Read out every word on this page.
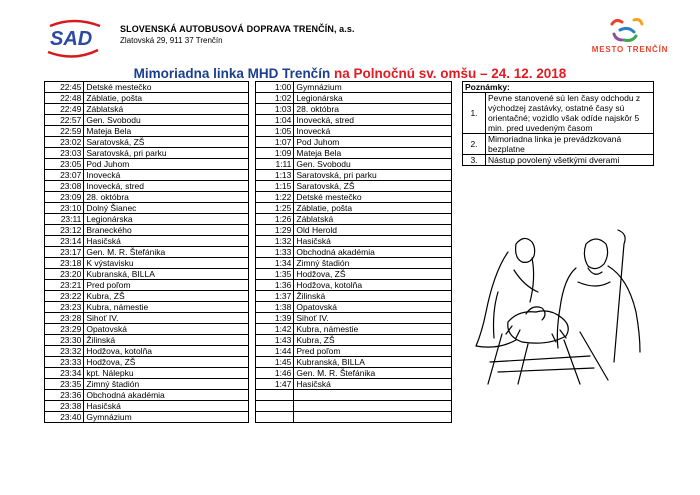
SAD	SLOVENSKÁ AUTOBUSOVÁ DOPRAVA TRENČÍN, a.s.
Zlatovská 29, 911 37 Trenčín
MESTO TRENČÍN
Mimoriadna linka MHD Trenčín na Polnočnú sv. omšu – 24. 12. 2018
22:45	Detské mestečko
22:48	Záblatie, pošta
22:49	Záblatská
22:57	Gen. Svobodu
22:59	Mateja Bela
23:02	Saratovská, ZŠ
23:03	Saratovská, pri parku
23:05	Pod Juhom
23:07	Inovecká
23:08	Inovecká, stred
23:09	28. októbra
23:10	Dolný Šianec
23:11	Legionárska
23:12	Braneckého
23:14	Hasičská
23:17	Gen. M. R. Štefánika
23:18	K výstavisku
23:20	Kubranská, BILLA
23:21	Pred poľom
23:22	Kubra, ZŠ
23:23	Kubra, námestie
23:28	Sihoť IV.
23:29	Opatovská
23:30	Žilinská
23:32	Hodžova, kotolňa
23:33	Hodžova, ZŠ
23:34	kpt. Nálepku
23:35	Zimný štadión
23:36	Obchodná akadémia
23:38	Hasičská
23:40	Gymnázium
1:00	Gymnázium
1:02	Legionárska
1:03	28. októbra
1:04	Inovecká, stred
1:05	Inovecká
1:07	Pod Juhom
1:09	Mateja Bela
1:11	Gen. Svobodu
1:13	Saratovská, pri parku
1:15	Saratovská, ZŠ
1:22	Detské mestečko
1:25	Záblatie, pošta
1:26	Záblatská
1:29	Old Herold
1:32	Hasičská
1:33	Obchodná akadémia
1:34	Zimný štadión
1:35	Hodžova, ZŠ
1:36	Hodžova, kotolňa
1:37	Žilinská
1:38	Opatovská
1:39	Sihoť IV.
1:42	Kubra, námestie
1:43	Kubra, ZŠ
1:44	Pred poľom
1:45	Kubranská, BILLA
1:46	Gen. M. R. Štefánika
1:47	Hasičská

Poznámky:	
1.	Pevne stanovené sú len časy odchodu z východzej zastávky, ostatné časy sú orientačné; vozidlo však odíde najskôr 5 min. pred uvedeným časom
2.	Mimoriadna linka je prevádzkovaná bezplatne
3.	Nástup povolený všetkými dverami
